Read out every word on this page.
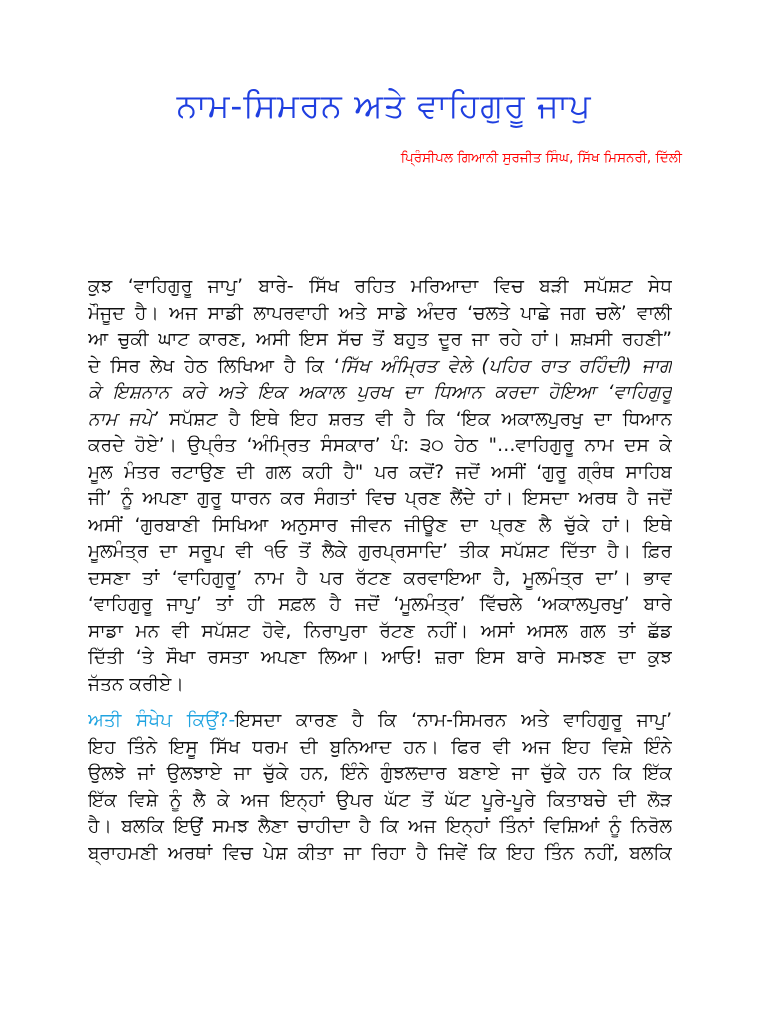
ਨਾਮ-ਸਿਮਰਨ ਅਤੇ ਵਾਹਿਗੁਰੂ ਜਾਪੁ

ਪ੍ਰਿੰਸੀਪਲ ਗਿਆਨੀ ਸੁਰਜੀਤ ਸਿੰਘ, ਸਿੱਖ ਮਿਸਨਰੀ, ਦਿੱਲੀ

ਕੁਝ ‘ਵਾਹਿਗੁਰੂ ਜਾਪੁ’ ਬਾਰੇ- ਸਿੱਖ ਰਹਿਤ ਮਰਿਆਦਾ ਵਿਚ ਬੜੀ ਸਪੱਸ਼ਟ ਸੇਧ
ਮੌਜੂਦ ਹੈ। ਅਜ ਸਾਡੀ ਲਾਪਰਵਾਹੀ ਅਤੇ ਸਾਡੇ ਅੰਦਰ ‘ਚਲਤੇ ਪਾਛੇ ਜਗ ਚਲੇ’ ਵਾਲੀ
ਆ ਚੁਕੀ ਘਾਟ ਕਾਰਣ, ਅਸੀ ਇਸ ਸੱਚ ਤੋਂ ਬਹੁਤ ਦੂਰ ਜਾ ਰਹੇ ਹਾਂ। ਸ਼ਖ਼ਸੀ ਰਹਣੀ”
ਦੇ ਸਿਰ ਲੇਖ ਹੇਠ ਲਿਖਿਆ ਹੈ ਕਿ ‘ਸਿੱਖ ਅੰਮ੍ਰਿਤ ਵੇਲੇ (ਪਹਿਰ ਰਾਤ ਰਹਿੰਦੀ) ਜਾਗ
ਕੇ ਇਸ਼ਨਾਨ ਕਰੇ ਅਤੇ ਇਕ ਅਕਾਲ ਪੁਰਖ ਦਾ ਧਿਆਨ ਕਰਦਾ ਹੋਇਆ ‘ਵਾਹਿਗੁਰੂ
ਨਾਮ ਜਪੇ’ ਸਪੱਸ਼ਟ ਹੈ ਇਥੇ ਇਹ ਸ਼ਰਤ ਵੀ ਹੈ ਕਿ ‘ਇਕ ਅਕਾਲਪੁਰਖੁ ਦਾ ਧਿਆਨ
ਕਰਦੇ ਹੋਏ’। ਉਪ੍ਰੰਤ ‘ਅੰਮ੍ਰਿਤ ਸੰਸਕਾਰ’ ਪੰ: ੩੦ ਹੇਠ "…ਵਾਹਿਗੁਰੂ ਨਾਮ ਦਸ ਕੇ
ਮੂਲ ਮੰਤਰ ਰਟਾਉਣ ਦੀ ਗਲ ਕਹੀ ਹੈ" ਪਰ ਕਦੋਂ? ਜਦੋਂ ਅਸੀਂ ‘ਗੁਰੂ ਗ੍ਰੰਥ ਸਾਹਿਬ
ਜੀ’ ਨੂੰ ਅਪਣਾ ਗੁਰੂ ਧਾਰਨ ਕਰ ਸੰਗਤਾਂ ਵਿਚ ਪ੍ਰਣ ਲੈਂਦੇ ਹਾਂ। ਇਸਦਾ ਅਰਥ ਹੈ ਜਦੋਂ
ਅਸੀਂ ‘ਗੁਰਬਾਣੀ ਸਿਖਿਆ ਅਨੁਸਾਰ ਜੀਵਨ ਜੀਊਣ ਦਾ ਪ੍ਰਣ ਲੈ ਚੁੱਕੇ ਹਾਂ। ਇਥੇ
ਮੂਲਮੰਤ੍ਰ ਦਾ ਸਰੂਪ ਵੀ ੧ਓ ਤੋਂ ਲੈਕੇ ਗੁਰਪ੍ਰਸਾਦਿ’ ਤੀਕ ਸਪੱਸ਼ਟ ਦਿੱਤਾ ਹੈ। ਫ਼ਿਰ
ਦਸਣਾ ਤਾਂ ‘ਵਾਹਿਗੁਰੂ’ ਨਾਮ ਹੈ ਪਰ ਰੱਟਣ ਕਰਵਾਇਆ ਹੈ, ਮੂਲਮੰਤ੍ਰ ਦਾ’। ਭਾਵ
‘ਵਾਹਿਗੁਰੂ ਜਾਪੁ’ ਤਾਂ ਹੀ ਸਫ਼ਲ ਹੈ ਜਦੋਂ ‘ਮੂਲਮੰਤ੍ਰ’ ਵਿੱਚਲੇ ‘ਅਕਾਲਪੁਰਖੁ’ ਬਾਰੇ
ਸਾਡਾ ਮਨ ਵੀ ਸਪੱਸ਼ਟ ਹੋਵੇ, ਨਿਰਾਪੁਰਾ ਰੱਟਣ ਨਹੀਂ। ਅਸਾਂ ਅਸਲ ਗਲ ਤਾਂ ਛੱਡ
ਦਿੱਤੀ ‘ਤੇ ਸੌਖਾ ਰਸਤਾ ਅਪਣਾ ਲਿਆ। ਆਓ! ਜ਼ਰਾ ਇਸ ਬਾਰੇ ਸਮਝਣ ਦਾ ਕੁਝ
ਜੱਤਨ ਕਰੀਏ।
ਅਤੀ ਸੰਖੇਪ ਕਿਉਂ?-ਇਸਦਾ ਕਾਰਣ ਹੈ ਕਿ ‘ਨਾਮ-ਸਿਮਰਨ ਅਤੇ ਵਾਹਿਗੁਰੂ ਜਾਪੁ’
ਇਹ ਤਿੰਨੇ ਇਸੂ ਸਿੱਖ ਧਰਮ ਦੀ ਬੁਨਿਆਦ ਹਨ। ਫਿਰ ਵੀ ਅਜ ਇਹ ਵਿਸ਼ੇ ਇੰਨੇ
ਉਲਝੇ ਜਾਂ ਉਲਝਾਏ ਜਾ ਚੁੱਕੇ ਹਨ, ਇੰਨੇ ਗੁੰਝਲਦਾਰ ਬਣਾਏ ਜਾ ਚੁੱਕੇ ਹਨ ਕਿ ਇੱਕ
ਇੱਕ ਵਿਸ਼ੇ ਨੂੰ ਲੈ ਕੇ ਅਜ ਇਨ੍ਹਾਂ ਉਪਰ ਘੱਟ ਤੋਂ ਘੱਟ ਪੂਰੇ-ਪੂਰੇ ਕਿਤਾਬਚੇ ਦੀ ਲੋੜ
ਹੈ। ਬਲਕਿ ਇਉਂ ਸਮਝ ਲੈਣਾ ਚਾਹੀਦਾ ਹੈ ਕਿ ਅਜ ਇਨ੍ਹਾਂ ਤਿੰਨਾਂ ਵਿਸ਼ਿਆਂ ਨੂੰ ਨਿਰੋਲ
ਬ੍ਰਾਹਮਣੀ ਅਰਥਾਂ ਵਿਚ ਪੇਸ਼ ਕੀਤਾ ਜਾ ਰਿਹਾ ਹੈ ਜਿਵੇਂ ਕਿ ਇਹ ਤਿੰਨ ਨਹੀਂ, ਬਲਕਿ
